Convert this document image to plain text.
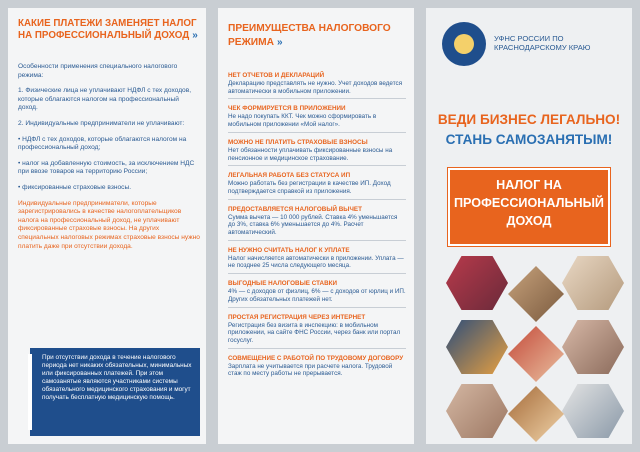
КАКИЕ ПЛАТЕЖИ ЗАМЕНЯЕТ НАЛОГ НА ПРОФЕССИОНАЛЬНЫЙ ДОХОД »

Особенности применения специального налогового режима:

1. Физические лица не уплачивают НДФЛ с тех доходов, которые облагаются налогом на профессиональный доход.

2. Индивидуальные предприниматели не уплачивают:

• НДФЛ с тех доходов, которые облагаются налогом на профессиональный доход;

• налог на добавленную стоимость, за исключением НДС при ввозе товаров на территорию России;

• фиксированные страховые взносы.

Индивидуальные предприниматели, которые зарегистрировались в качестве налогоплательщиков налога на профессиональный доход, не уплачивают фиксированные страховые взносы. На других специальных налоговых режимах страховые взносы нужно платить даже при отсутствии дохода.

При отсутствии дохода в течение налогового периода нет никаких обязательных, минимальных или фиксированных платежей. При этом самозанятые являются участниками системы обязательного медицинского страхования и могут получать бесплатную медицинскую помощь.
ПРЕИМУЩЕСТВА НАЛОГОВОГО РЕЖИМА »
НЕТ ОТЧЕТОВ И ДЕКЛАРАЦИЙ
Декларацию представлять не нужно. Учет доходов ведется автоматически в мобильном приложении.
ЧЕК ФОРМИРУЕТСЯ В ПРИЛОЖЕНИИ
Не надо покупать ККТ. Чек можно сформировать в мобильном приложении «Мой налог».
МОЖНО НЕ ПЛАТИТЬ СТРАХОВЫЕ ВЗНОСЫ
Нет обязанности уплачивать фиксированные взносы на пенсионное и медицинское страхование.
ЛЕГАЛЬНАЯ РАБОТА БЕЗ СТАТУСА ИП
Можно работать без регистрации в качестве ИП. Доход подтверждается справкой из приложения.
ПРЕДОСТАВЛЯЕТСЯ НАЛОГОВЫЙ ВЫЧЕТ
Сумма вычета — 10 000 рублей. Ставка 4% уменьшается до 3%, ставка 6% уменьшается до 4%. Расчет автоматический.
НЕ НУЖНО СЧИТАТЬ НАЛОГ К УПЛАТЕ
Налог начисляется автоматически в приложении. Уплата — не позднее 25 числа следующего месяца.
ВЫГОДНЫЕ НАЛОГОВЫЕ СТАВКИ
4% — с доходов от физлиц, 6% — с доходов от юрлиц и ИП. Других обязательных платежей нет.
ПРОСТАЯ РЕГИСТРАЦИЯ ЧЕРЕЗ ИНТЕРНЕТ
Регистрация без визита в инспекцию: в мобильном приложении, на сайте ФНС России, через банк или портал госуслуг.
СОВМЕЩЕНИЕ С РАБОТОЙ ПО ТРУДОВОМУ ДОГОВОРУ
Зарплата не учитывается при расчете налога. Трудовой стаж по месту работы не прерывается.
УФНС РОССИИ ПО КРАСНОДАРСКОМУ КРАЮ
ВЕДИ БИЗНЕС ЛЕГАЛЬНО!
СТАНЬ САМОЗАНЯТЫМ!
НАЛОГ НА ПРОФЕССИОНАЛЬНЫЙ ДОХОД
